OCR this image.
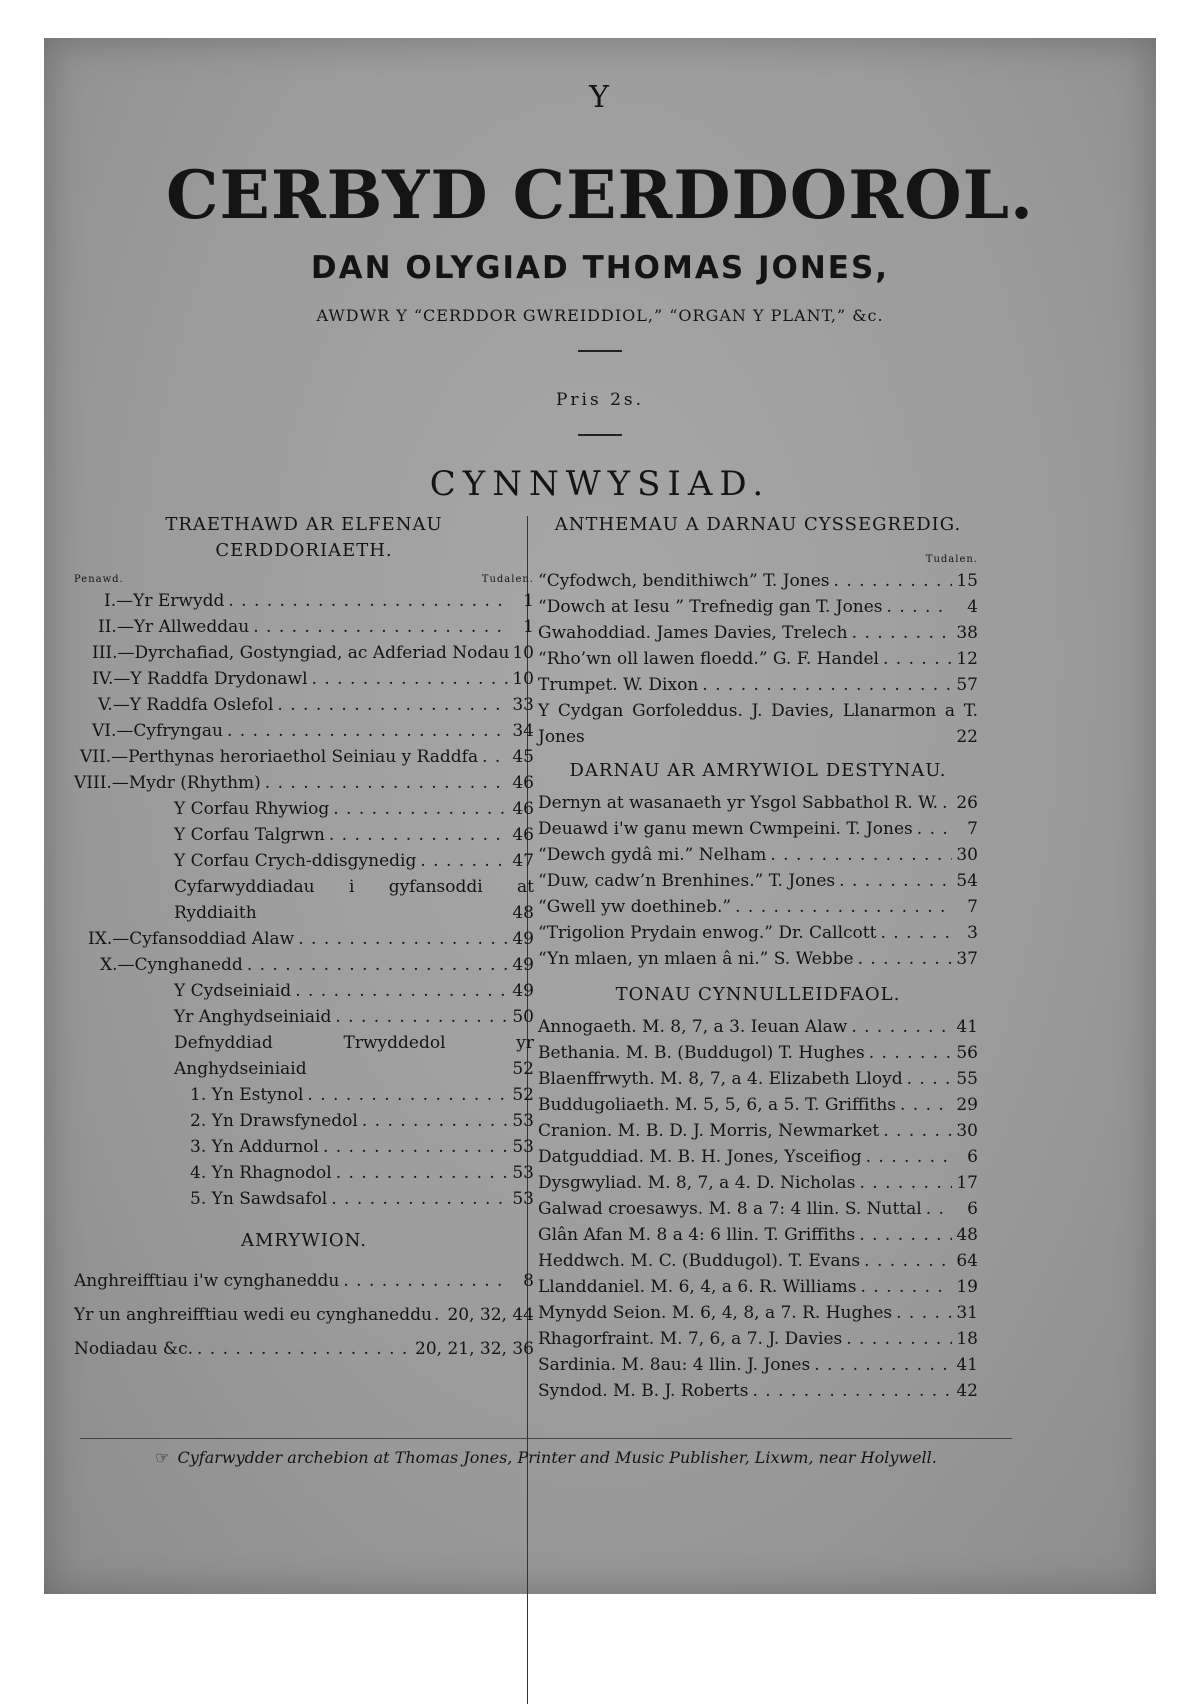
Y
CERBYD CERDDOROL.
DAN OLYGIAD THOMAS JONES,
AWDWR Y “CERDDOR GWREIDDIOL,” “ORGAN Y PLANT,” &c.
Pris 2s.
CYNNWYSIAD.
TRAETHAWD AR ELFENAU CERDDORIAETH.
Penawd.	Tudalen.
I.—Yr Erwydd . . .	1
II.—Yr Allweddau . . .	1
III.—Dyrchafiad, Gostyngiad, ac Adferiad Nodau 10
IV.—Y Raddfa Drydonawl . . .	10
V.—Y Raddfa Oslefol . . .	33
VI.—Cyfryngau . . .	34
VII.—Perthynas heroriaethol Seiniau y Raddfa . . . 45
VIII.—Mydr (Rhythm) . . .	46
Y Corfau Rhywiog . . .	46
Y Corfau Talgrwn . . .	46
Y Corfau Crych-ddisgynedig . . .	47
Cyfarwyddiadau i gyfansoddi at Ryddiaith	48
IX.—Cyfansoddiad Alaw . . .	49
X.—Cynghanedd . . .	49
Y Cydseiniaid . . .	49
Yr Anghydseiniaid . . .	50
Defnyddiad Trwyddedol yr Anghydseiniaid	52
1. Yn Estynol . . .	52
2. Yn Drawsfynedol . . .	53
3. Yn Addurnol . . .	53
4. Yn Rhagnodol . . .	53
5. Yn Sawdsafol . . .	53
AMRYWION.
Anghreifftiau i'w cynghaneddu . . .	8
Yr un anghreifftiau wedi eu cynghaneddu . . . 20, 32, 44
Nodiadau &c. . . .	20, 21, 32, 36
ANTHEMAU A DARNAU CYSSEGREDIG.
Tudalen.
“Cyfodwch, bendithiwch” T. Jones . . .	15
“Dowch at Iesu ” Trefnedig gan T. Jones . . .	4
Gwahoddiad. James Davies, Trelech . . .	38
“Rho’wn oll lawen floedd.” G. F. Handel . . .	12
Trumpet. W. Dixon . . .	57
Y Cydgan Gorfoleddus. J. Davies, Llanarmon a T. Jones	22
DARNAU AR AMRYWIOL DESTYNAU.
Dernyn at wasanaeth yr Ysgol Sabbathol R. W. . . . 26
Deuawd i'w ganu mewn Cwmpeini. T. Jones . . .	7
“Dewch gydâ mi.” Nelham . . .	30
“Duw, cadw’n Brenhines.” T. Jones . . .	54
“Gwell yw doethineb.” . . .	7
“Trigolion Prydain enwog.” Dr. Callcott . . .	3
“Yn mlaen, yn mlaen â ni.” S. Webbe . . .	37
TONAU CYNNULLEIDFAOL.
Annogaeth. M. 8, 7, a 3. Ieuan Alaw . . .	41
Bethania. M. B. (Buddugol) T. Hughes . . .	56
Blaenffrwyth. M. 8, 7, a 4. Elizabeth Lloyd . . .	55
Buddugoliaeth. M. 5, 5, 6, a 5. T. Griffiths . . .	29
Cranion. M. B. D. J. Morris, Newmarket . . .	30
Datguddiad. M. B. H. Jones, Ysceifiog . . .	6
Dysgwyliad. M. 8, 7, a 4. D. Nicholas . . .	17
Galwad croesawys. M. 8 a 7: 4 llin. S. Nuttal . . .	6
Glân Afan M. 8 a 4: 6 llin. T. Griffiths . . .	48
Heddwch. M. C. (Buddugol). T. Evans . . .	64
Llanddaniel. M. 6, 4, a 6. R. Williams . . .	19
Mynydd Seion. M. 6, 4, 8, a 7. R. Hughes . . .	31
Rhagorfraint. M. 7, 6, a 7. J. Davies . . .	18
Sardinia. M. 8au: 4 llin. J. Jones . . .	41
Syndod. M. B. J. Roberts . . .	42
☞ Cyfarwydder archebion at Thomas Jones, Printer and Music Publisher, Lixwm, near Holywell.
